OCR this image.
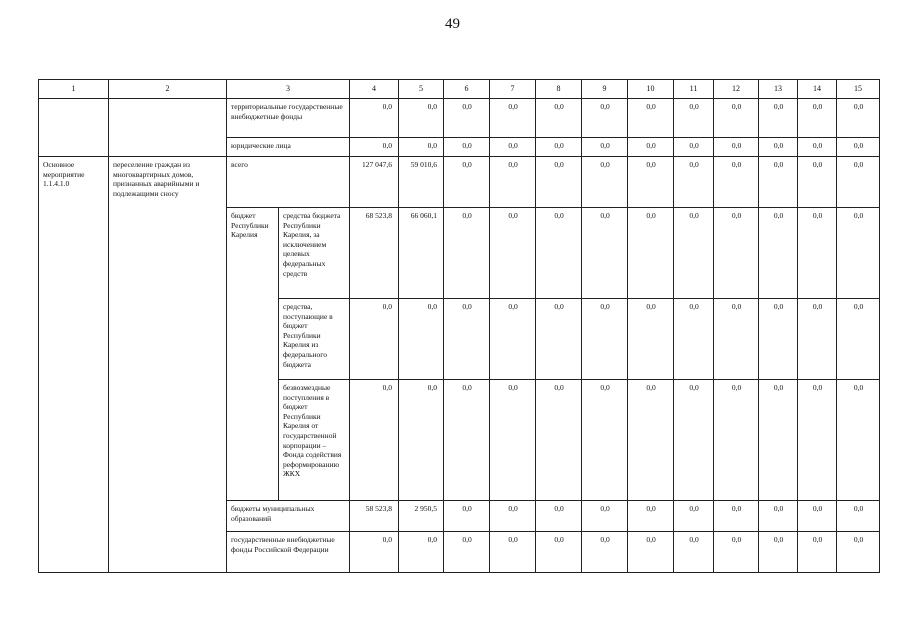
49
1	2	3		4	5	6	7	8	9	10	11	12	13	14	15
		территориальные государственные внебюджетные фонды		0,0	0,0	0,0	0,0	0,0	0,0	0,0	0,0	0,0	0,0	0,0	0,0
		юридические лица		0,0	0,0	0,0	0,0	0,0	0,0	0,0	0,0	0,0	0,0	0,0	0,0
Основное мероприятие 1.1.4.1.0	переселение граждан из многоквартирных домов, признанных аварийными и подлежащими сносу	всего		127 047,6	59 010,6	0,0	0,0	0,0	0,0	0,0	0,0	0,0	0,0	0,0	0,0
		бюджет Республики Карелия	средства бюджета Республики Карелия, за исключением целевых федеральных средств	68 523,8	66 060,1	0,0	0,0	0,0	0,0	0,0	0,0	0,0	0,0	0,0	0,0
			средства, поступающие в бюджет Республики Карелия из федерального бюджета	0,0	0,0	0,0	0,0	0,0	0,0	0,0	0,0	0,0	0,0	0,0	0,0
			безвозмездные поступления в бюджет Республики Карелия от государственной корпорации – Фонда содействия реформированию ЖКХ	0,0	0,0	0,0	0,0	0,0	0,0	0,0	0,0	0,0	0,0	0,0	0,0
		бюджеты муниципальных образований		58 523,8	2 950,5	0,0	0,0	0,0	0,0	0,0	0,0	0,0	0,0	0,0	0,0
		государственные внебюджетные фонды Российской Федерации		0,0	0,0	0,0	0,0	0,0	0,0	0,0	0,0	0,0	0,0	0,0	0,0
